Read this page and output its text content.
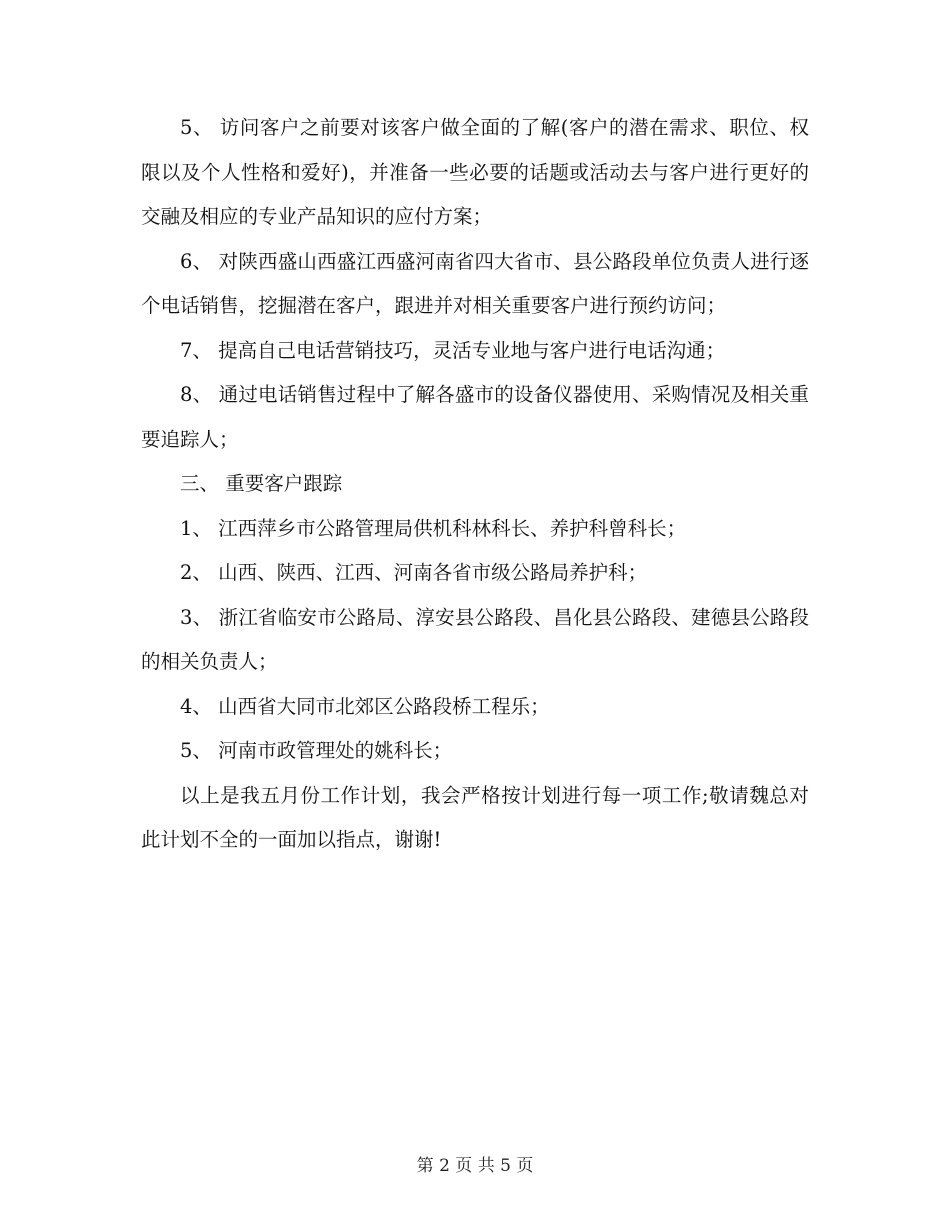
5、 访问客户之前要对该客户做全面的了解(客户的潜在需求、职位、权限以及个人性格和爱好)，并准备一些必要的话题或活动去与客户进行更好的交融及相应的专业产品知识的应付方案；

6、 对陕西盛山西盛江西盛河南省四大省市、县公路段单位负责人进行逐个电话销售，挖掘潜在客户，跟进并对相关重要客户进行预约访问；

7、 提高自己电话营销技巧，灵活专业地与客户进行电话沟通；

8、 通过电话销售过程中了解各盛市的设备仪器使用、采购情况及相关重要追踪人；

三、 重要客户跟踪

1、 江西萍乡市公路管理局供机科林科长、养护科曾科长；

2、 山西、陕西、江西、河南各省市级公路局养护科；

3、 浙江省临安市公路局、淳安县公路段、昌化县公路段、建德县公路段的相关负责人；

4、 山西省大同市北郊区公路段桥工程乐；

5、 河南市政管理处的姚科长；

以上是我五月份工作计划，我会严格按计划进行每一项工作;敬请魏总对此计划不全的一面加以指点，谢谢!

第 2 页 共 5 页
